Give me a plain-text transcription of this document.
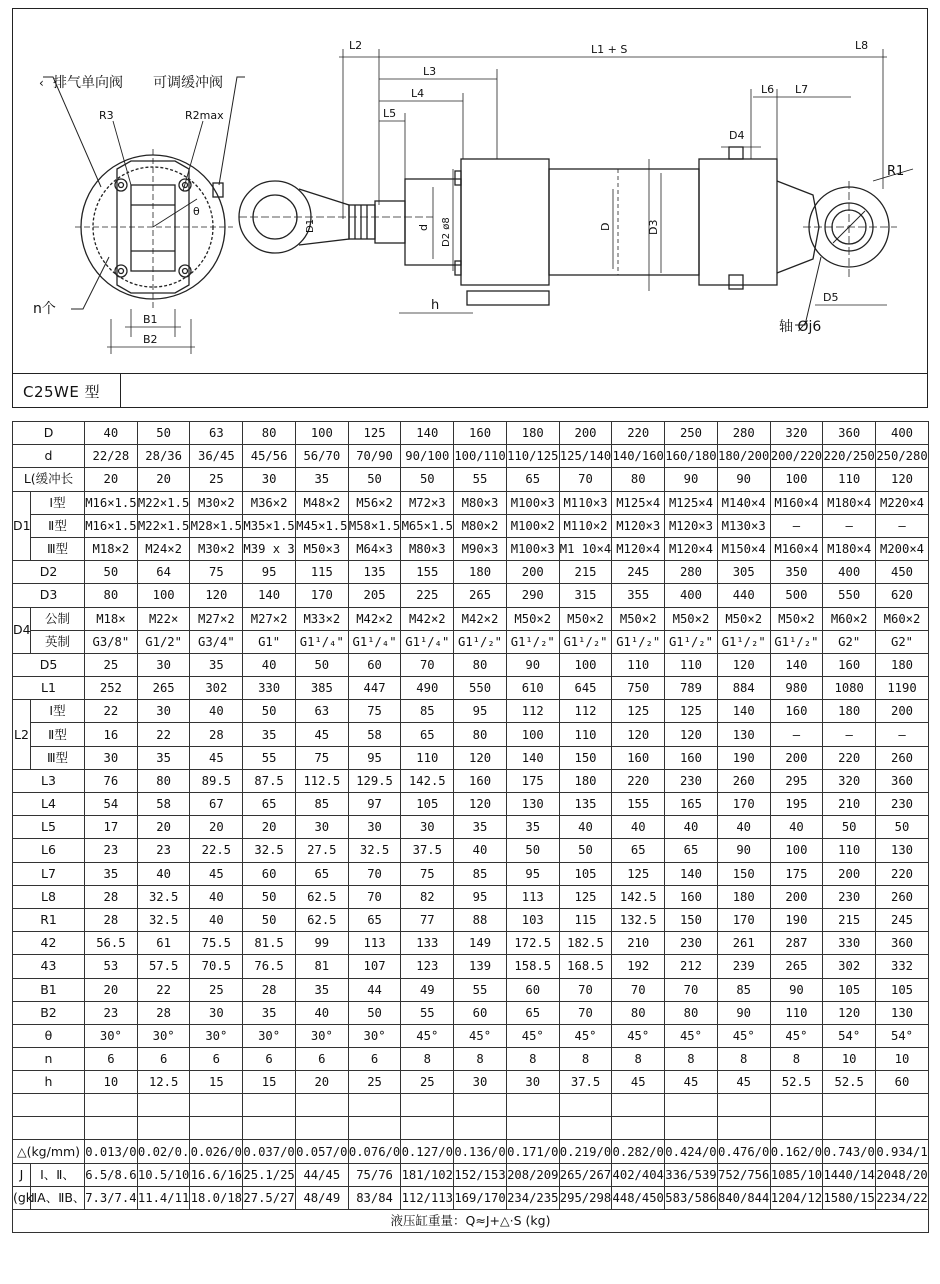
‹ 排气单向阀 可调缓冲阀
R3	R2max
θ
n个
B1
B2
L2	L1 + S	L8
L3
L4
L5
L6 L7
D4
D5
R1
轴 Øj6
D1	d D2 ø8	D	D3
h
C25WE 型
D		40	50	63	80	100	125	140	160	180	200	220	250	280	320	360	400
d		22/28	28/36	36/45	45/56	56/70	70/90	90/100	100/110	110/125	125/140	140/160	160/180	180/200	200/220	220/250	250/280
L(缓冲长		20	20	25	30	35	50	50	55	65	70	80	90	90	100	110	120
D1	Ⅰ型	M16×1.5	M22×1.5	M30×2	M36×2	M48×2	M56×2	M72×3	M80×3	M100×3	M110×3	M125×4	M125×4	M140×4	M160×4	M180×4	M220×4
	Ⅱ型	M16×1.5	M22×1.5	M28×1.5	M35×1.5	M45×1.5	M58×1.5	M65×1.5	M80×2	M100×2	M110×2	M120×3	M120×3	M130×3	–	–	–
	Ⅲ型	M18×2	M24×2	M30×2	M39 x 3	M50×3	M64×3	M80×3	M90×3	M100×3	M1 10×4	M120×4	M120×4	M150×4	M160×4	M180×4	M200×4
D2		50	64	75	95	115	135	155	180	200	215	245	280	305	350	400	450
D3		80	100	120	140	170	205	225	265	290	315	355	400	440	500	550	620
D4	公制	M18×	M22×	M27×2	M27×2	M33×2	M42×2	M42×2	M42×2	M50×2	M50×2	M50×2	M50×2	M50×2	M50×2	M60×2	M60×2
	英制	G3/8"	G1/2"	G3/4"	G1"	G1¹/₄"	G1¹/₄"	G1¹/₄"	G1¹/₂"	G1¹/₂"	G1¹/₂"	G1¹/₂"	G1¹/₂"	G1¹/₂"	G1¹/₂"	G2"	G2"
D5		25	30	35	40	50	60	70	80	90	100	110	110	120	140	160	180
L1		252	265	302	330	385	447	490	550	610	645	750	789	884	980	1080	1190
L2	Ⅰ型	22	30	40	50	63	75	85	95	112	112	125	125	140	160	180	200
	Ⅱ型	16	22	28	35	45	58	65	80	100	110	120	120	130	–	–	–
	Ⅲ型	30	35	45	55	75	95	110	120	140	150	160	160	190	200	220	260
L3		76	80	89.5	87.5	112.5	129.5	142.5	160	175	180	220	230	260	295	320	360
L4		54	58	67	65	85	97	105	120	130	135	155	165	170	195	210	230
L5		17	20	20	20	30	30	30	35	35	40	40	40	40	40	50	50
L6		23	23	22.5	32.5	27.5	32.5	37.5	40	50	50	65	65	90	100	110	130
L7		35	40	45	60	65	70	75	85	95	105	125	140	150	175	200	220
L8		28	32.5	40	50	62.5	70	82	95	113	125	142.5	160	180	200	230	260
R1		28	32.5	40	50	62.5	65	77	88	103	115	132.5	150	170	190	215	245
42		56.5	61	75.5	81.5	99	113	133	149	172.5	182.5	210	230	261	287	330	360
43		53	57.5	70.5	76.5	81	107	123	139	158.5	168.5	192	212	239	265	302	332
B1		20	22	25	28	35	44	49	55	60	70	70	70	85	90	105	105
B2		23	28	30	35	40	50	55	60	65	70	80	80	90	110	120	130
θ		30°	30°	30°	30°	30°	30°	45°	45°	45°	45°	45°	45°	45°	45°	54°	54°
n		6	6	6	6	6	6	8	8	8	8	8	8	8	8	10	10
h		10	12.5	15	15	20	25	25	30	30	37.5	45	45	45	52.5	52.5	60

△(kg/mm)		0.013/0	0.02/0.	0.026/0	0.037/0	0.057/0	0.076/0	0.127/0	0.136/0	0.171/0	0.219/0	0.282/0	0.424/0	0.476/0	0.162/0	0.743/0	0.934/1
J	Ⅰ、Ⅱ、	6.5/8.6	10.5/10	16.6/16	25.1/25	44/45	75/76	181/102	152/153	208/209	265/267	402/404	336/539	752/756	1085/10	1440/14	2048/20
(gk	ⅡA、ⅡB、	7.3/7.4	11.4/11	18.0/18	27.5/27	48/49	83/84	112/113	169/170	234/235	295/298	448/450	583/586	840/844	1204/12	1580/15	2234/22
液压缸重量：Q≈J+△·S (kg)																	
